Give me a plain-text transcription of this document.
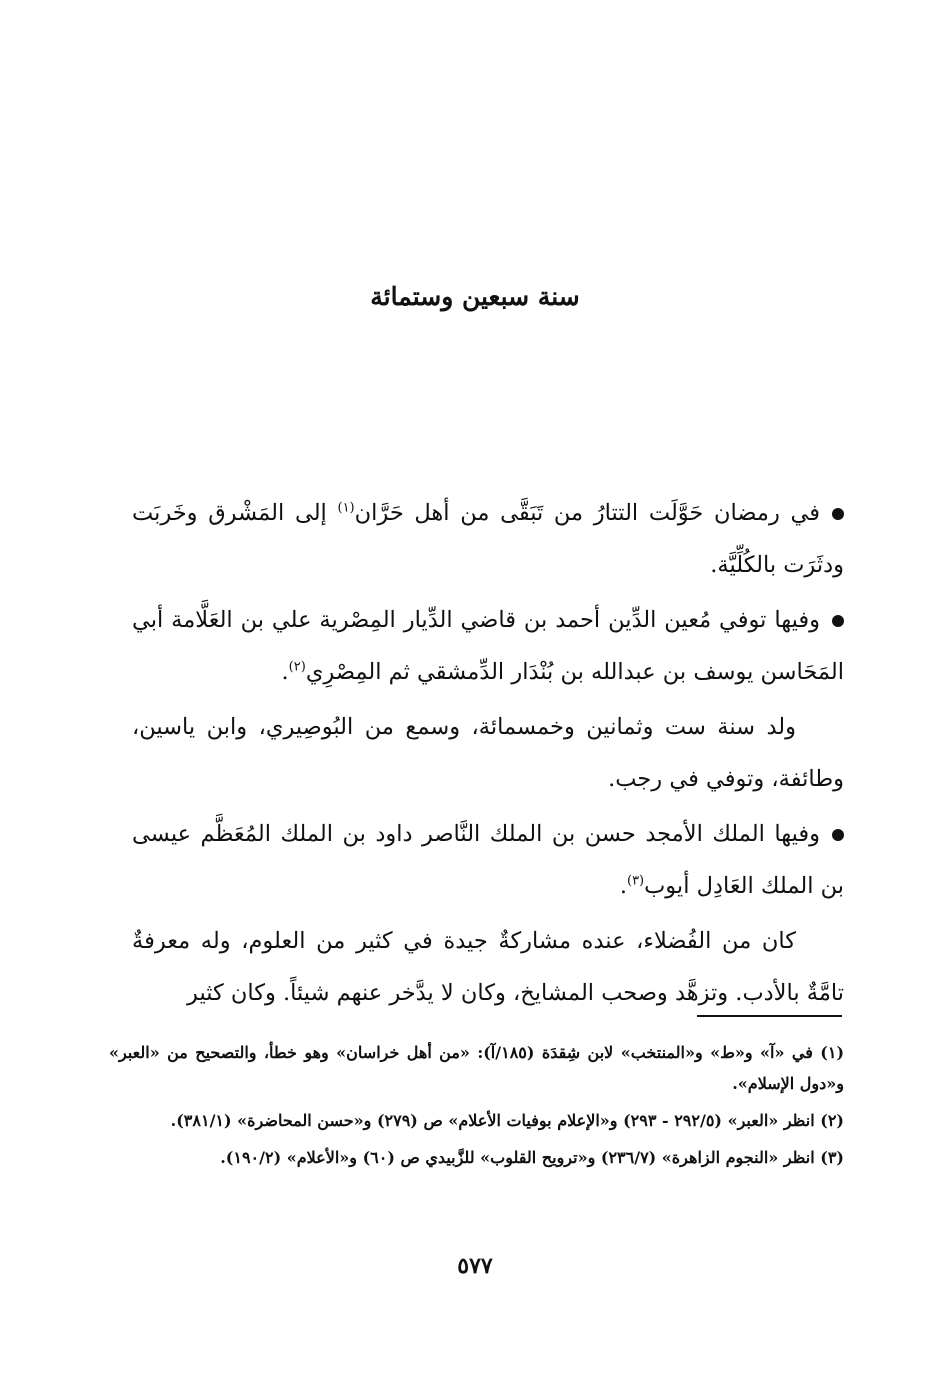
سنة سبعين وستمائة

في رمضان حَوَّلَت التتارُ من تَبَقَّى من أهل حَرَّان$^{(١)}$ إلى المَشْرق وخَربَت ودثَرَت بالكُلِّيَّة.

وفيها توفي مُعين الدِّين أحمد بن قاضي الدِّيار المِصْرية علي بن العَلَّامة أبي المَحَاسن يوسف بن عبدالله بن بُنْدَار الدِّمشقي ثم المِصْرِي$^{(٢)}$.

ولد سنة ست وثمانين وخمسمائة، وسمع من البُوصِيري، وابن ياسين، وطائفة، وتوفي في رجب.

وفيها الملك الأمجد حسن بن الملك النَّاصر داود بن الملك المُعَظَّم عيسى بن الملك العَادِل أيوب$^{(٣)}$.

كان من الفُضلاء، عنده مشاركةٌ جيدة في كثير من العلوم، وله معرفةٌ تامَّةٌ بالأدب. وتزهَّد وصحب المشايخ، وكان لا يدَّخر عنهم شيئاً. وكان كثير

(١) في «آ» و«ط» و«المنتخب» لابن شِقدَة (١٨٥/آ): «من أهل خراسان» وهو خطأ، والتصحيح من «العبر» و«دول الإسلام».

(٢) انظر «العبر» (٢٩٢/٥ - ٢٩٣) و«الإعلام بوفيات الأعلام» ص (٢٧٩) و«حسن المحاضرة» (٣٨١/١).

(٣) انظر «النجوم الزاهرة» (٢٣٦/٧) و«ترويح القلوب» للزَّبيدي ص (٦٠) و«الأعلام» (١٩٠/٢).

٥٧٧
